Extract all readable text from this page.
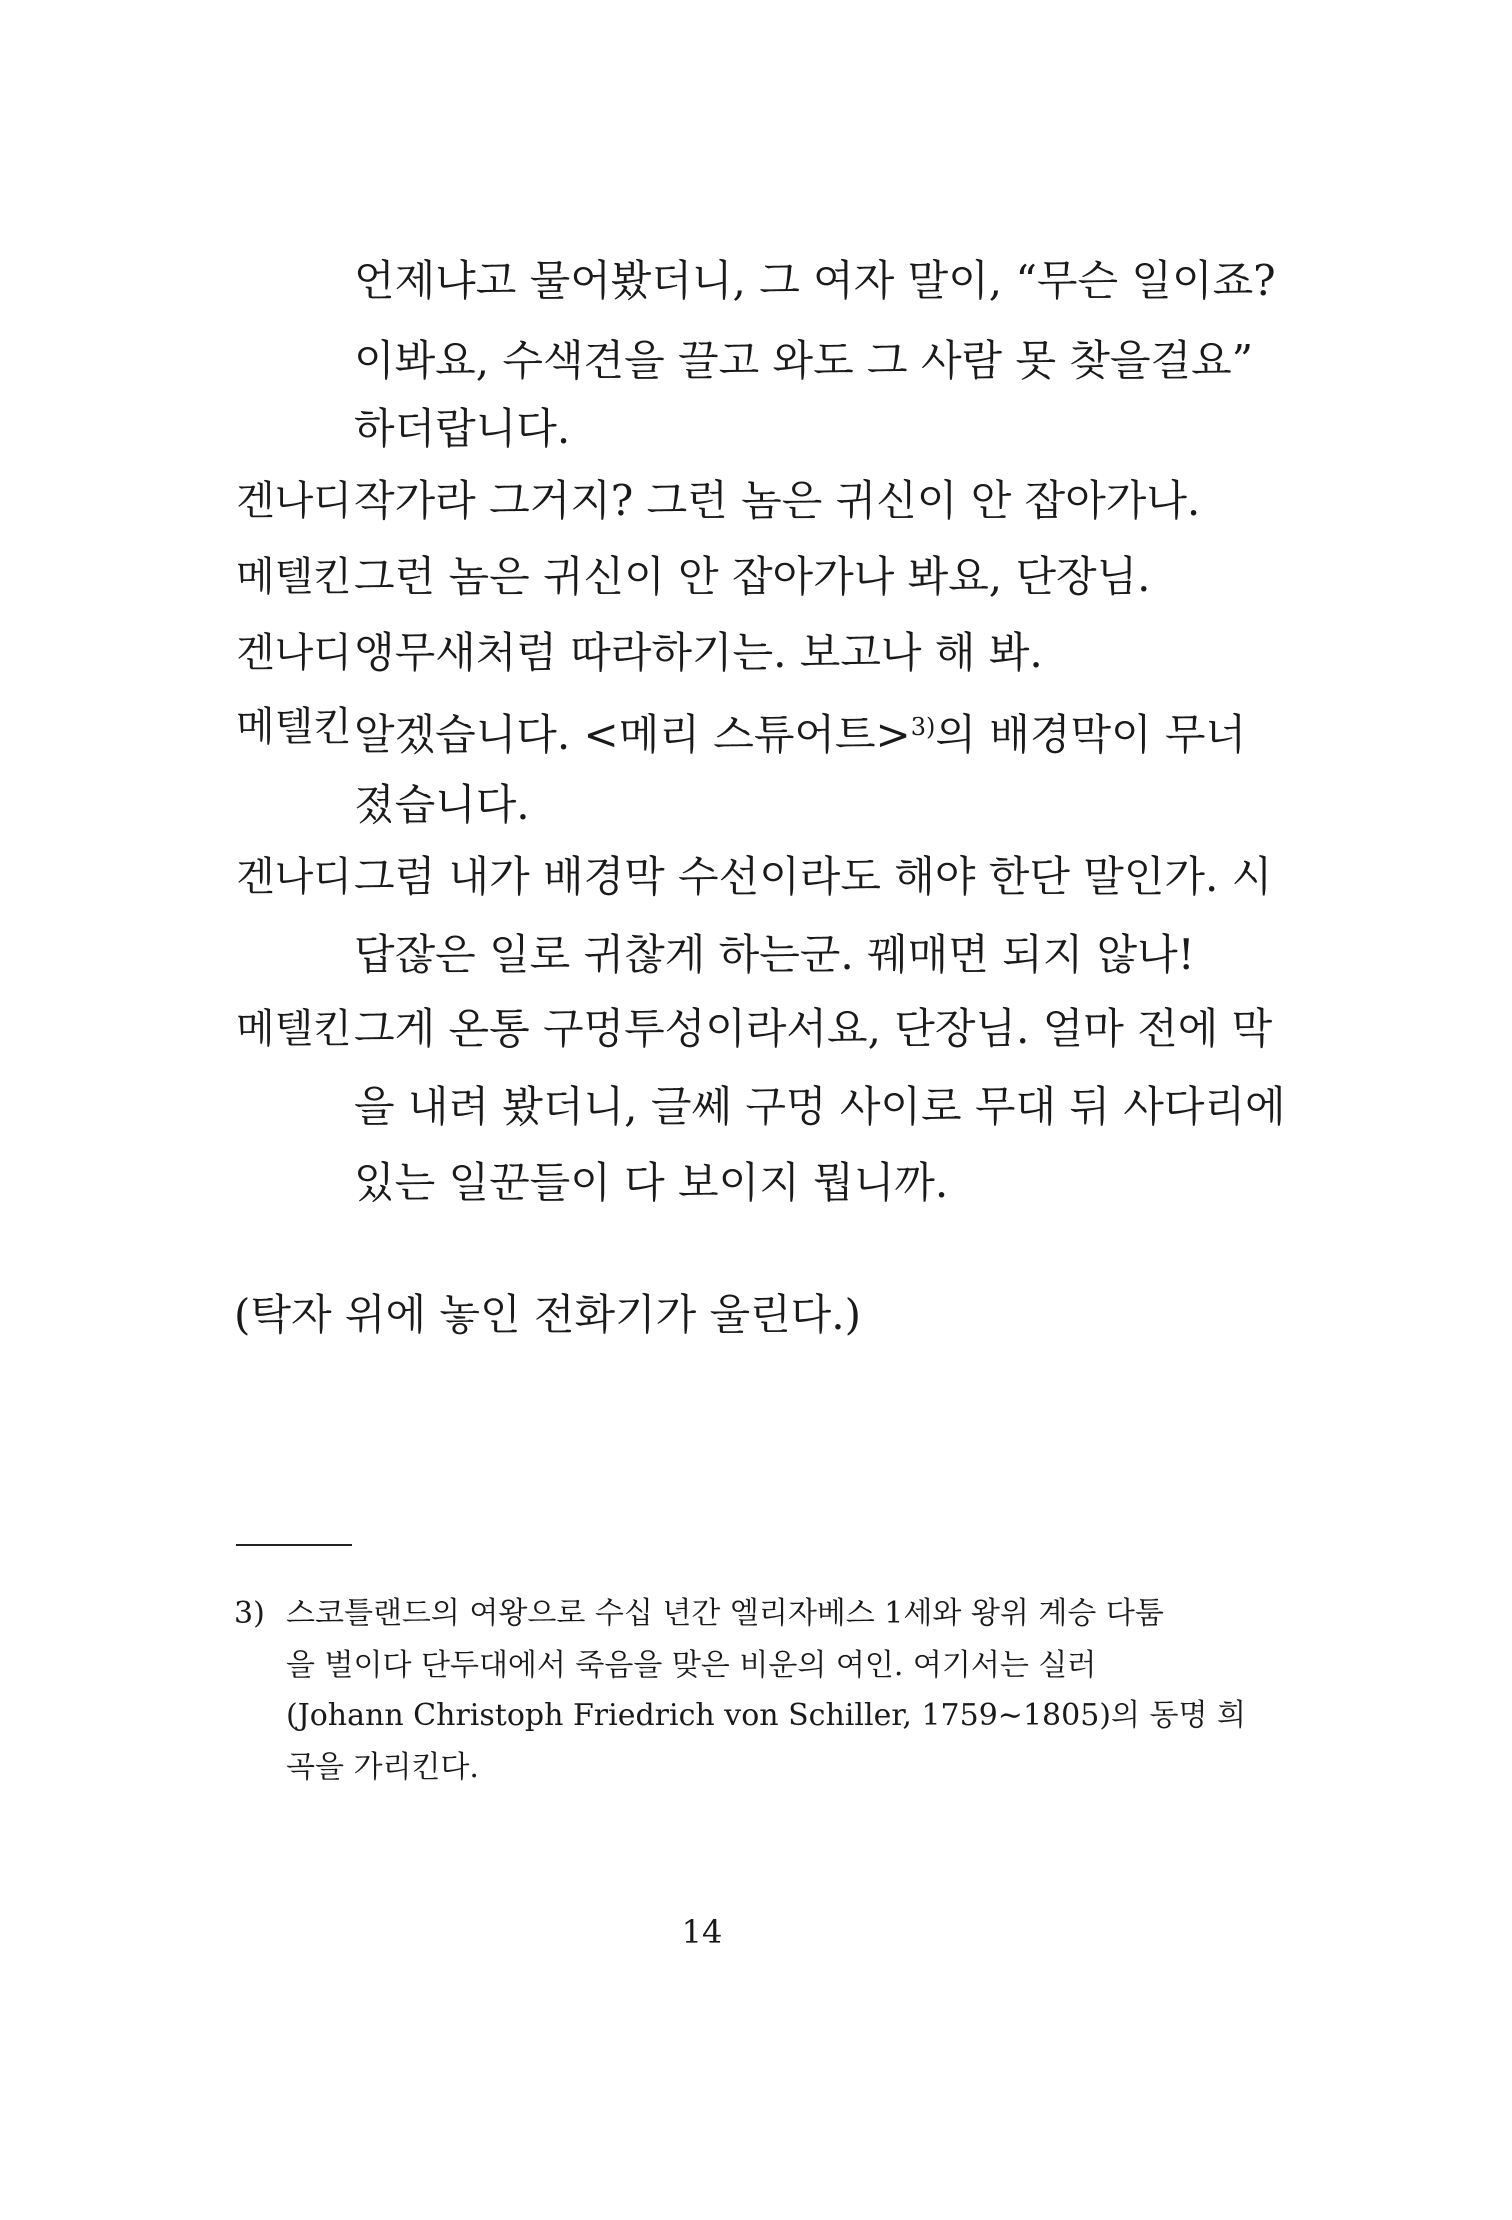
언제냐고 물어봤더니, 그 여자 말이, “무슨 일이죠?
이봐요, 수색견을 끌고 와도 그 사람 못 찾을걸요”
하더랍니다.
겐나디 작가라 그거지? 그런 놈은 귀신이 안 잡아가나.
메텔킨 그런 놈은 귀신이 안 잡아가나 봐요, 단장님.
겐나디 앵무새처럼 따라하기는. 보고나 해 봐.
메텔킨 알겠습니다. <메리 스튜어트>$^{3)}$의 배경막이 무너
졌습니다.
겐나디 그럼 내가 배경막 수선이라도 해야 한단 말인가. 시
답잖은 일로 귀찮게 하는군. 꿰매면 되지 않나!
메텔킨 그게 온통 구멍투성이라서요, 단장님. 얼마 전에 막
을 내려 봤더니, 글쎄 구멍 사이로 무대 뒤 사다리에
있는 일꾼들이 다 보이지 뭡니까.
(탁자 위에 놓인 전화기가 울린다.)
3) 스코틀랜드의 여왕으로 수십 년간 엘리자베스 1세와 왕위 계승 다툼
을 벌이다 단두대에서 죽음을 맞은 비운의 여인. 여기서는 실러
(Johann Christoph Friedrich von Schiller, 1759∼1805)의 동명 희
곡을 가리킨다.
14
